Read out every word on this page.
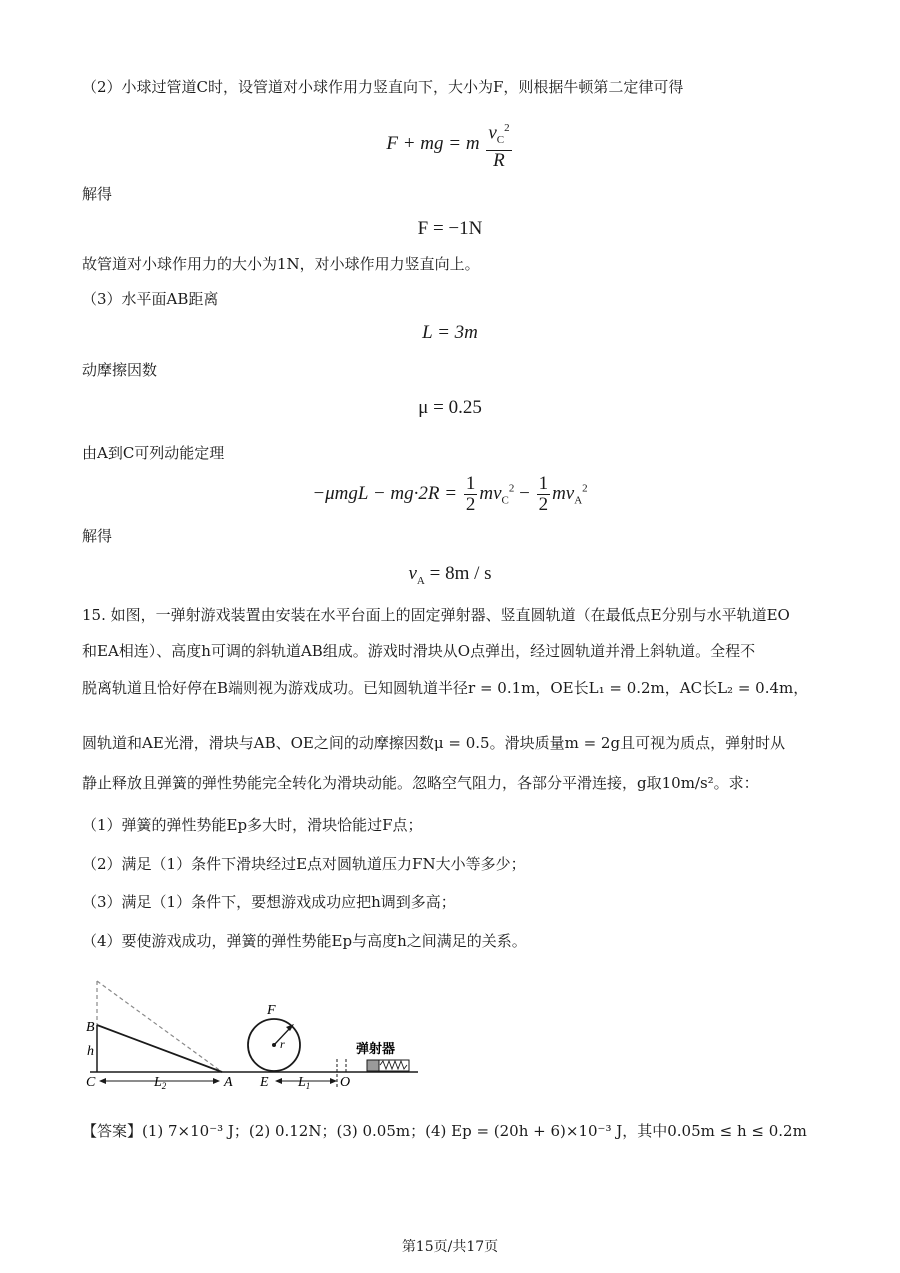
（2）小球过管道C时，设管道对小球作用力竖直向下，大小为F，则根据牛顿第二定律可得
F + mg = m $\frac{v_C^2}{R}$
解得
F = −1N
故管道对小球作用力的大小为1N，对小球作用力竖直向上。
（3）水平面AB距离
L = 3m
动摩擦因数
μ = 0.25
由A到C可列动能定理
$-\mu mgL - mg\cdot 2R = \frac{1}{2} mv_C^2 - \frac{1}{2} mv_A^2$
解得
$v_A = 8m / s$
15. 如图，一弹射游戏装置由安装在水平台面上的固定弹射器、竖直圆轨道（在最低点E分别与水平轨道EO
和EA相连）、高度h可调的斜轨道AB组成。游戏时滑块从O点弹出，经过圆轨道并滑上斜轨道。全程不
脱离轨道且恰好停在B端则视为游戏成功。已知圆轨道半径r = 0.1m，OE长L₁ = 0.2m，AC长L₂ = 0.4m，
圆轨道和AE光滑，滑块与AB、OE之间的动摩擦因数μ = 0.5。滑块质量m = 2g且可视为质点，弹射时从
静止释放且弹簧的弹性势能完全转化为滑块动能。忽略空气阻力，各部分平滑连接，g取10m/s²。求：
（1）弹簧的弹性势能Ep多大时，滑块恰能过F点；
（2）满足（1）条件下滑块经过E点对圆轨道压力FN大小等多少；
（3）满足（1）条件下，要想游戏成功应把h调到多高；
（4）要使游戏成功，弹簧的弹性势能Ep与高度h之间满足的关系。
B
h
C	$L_2$	A
F
r
E $L_1$ O
弹射器
【答案】(1) 7×10⁻³ J；(2) 0.12N；(3) 0.05m；(4) Ep = (20h + 6)×10⁻³ J，其中0.05m ≤ h ≤ 0.2m
第15页/共17页
